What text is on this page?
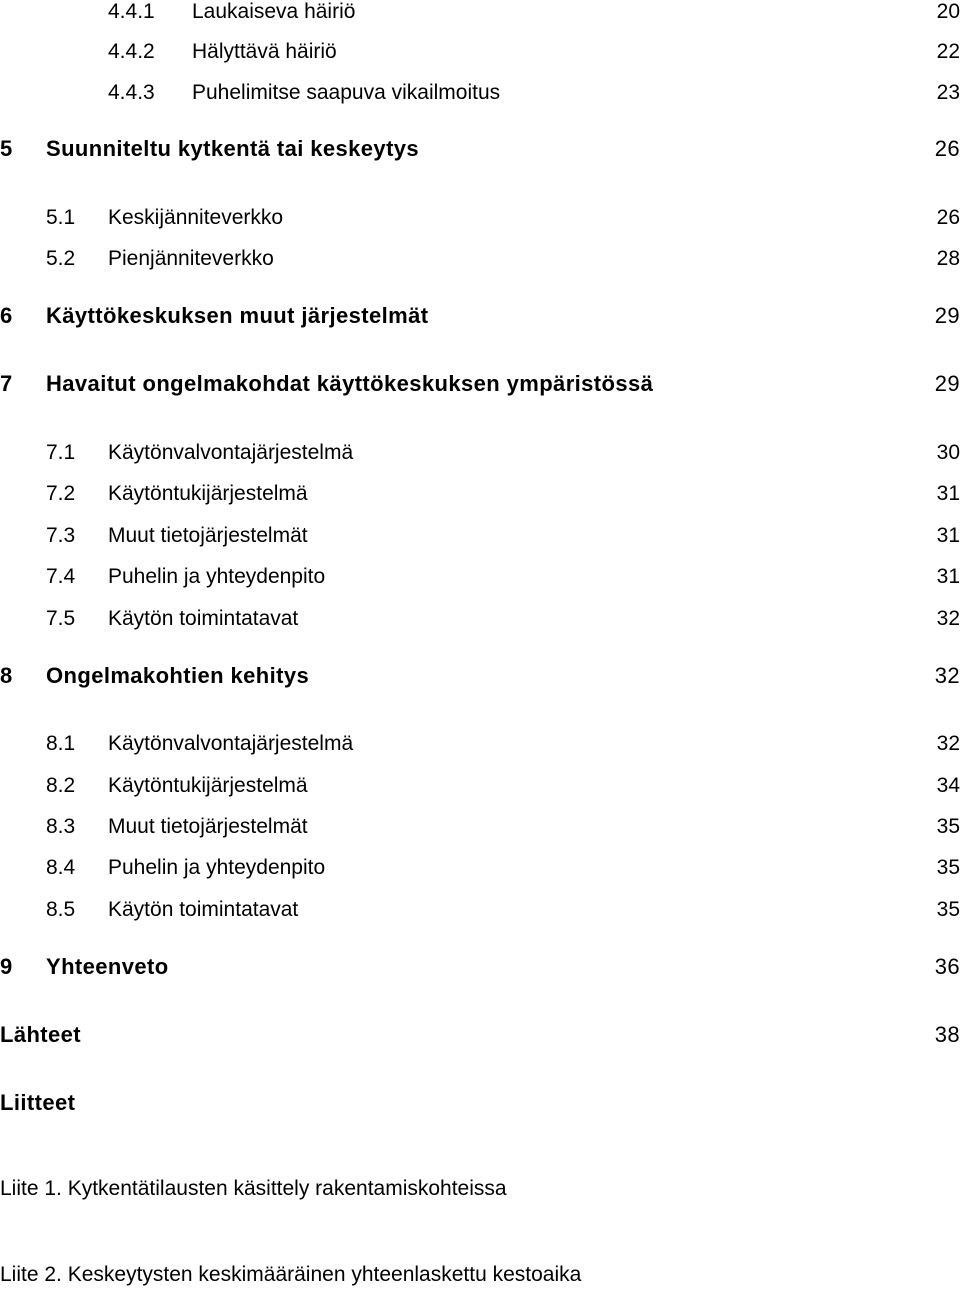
4.4.1 Laukaiseva häiriö	20
4.4.2 Hälyttävä häiriö	22
4.4.3 Puhelimitse saapuva vikailmoitus	23
5 Suunniteltu kytkentä tai keskeytys	26
5.1 Keskijänniteverkko	26
5.2 Pienjänniteverkko	28
6 Käyttökeskuksen muut järjestelmät	29
7 Havaitut ongelmakohdat käyttökeskuksen ympäristössä	29
7.1 Käytönvalvontajärjestelmä	30
7.2 Käytöntukijärjestelmä	31
7.3 Muut tietojärjestelmät	31
7.4 Puhelin ja yhteydenpito	31
7.5 Käytön toimintatavat	32
8 Ongelmakohtien kehitys	32
8.1 Käytönvalvontajärjestelmä	32
8.2 Käytöntukijärjestelmä	34
8.3 Muut tietojärjestelmät	35
8.4 Puhelin ja yhteydenpito	35
8.5 Käytön toimintatavat	35
9 Yhteenveto	36
Lähteet	38
Liitteet
Liite 1. Kytkentätilausten käsittely rakentamiskohteissa
Liite 2. Keskeytysten keskimääräinen yhteenlaskettu kestoaika
